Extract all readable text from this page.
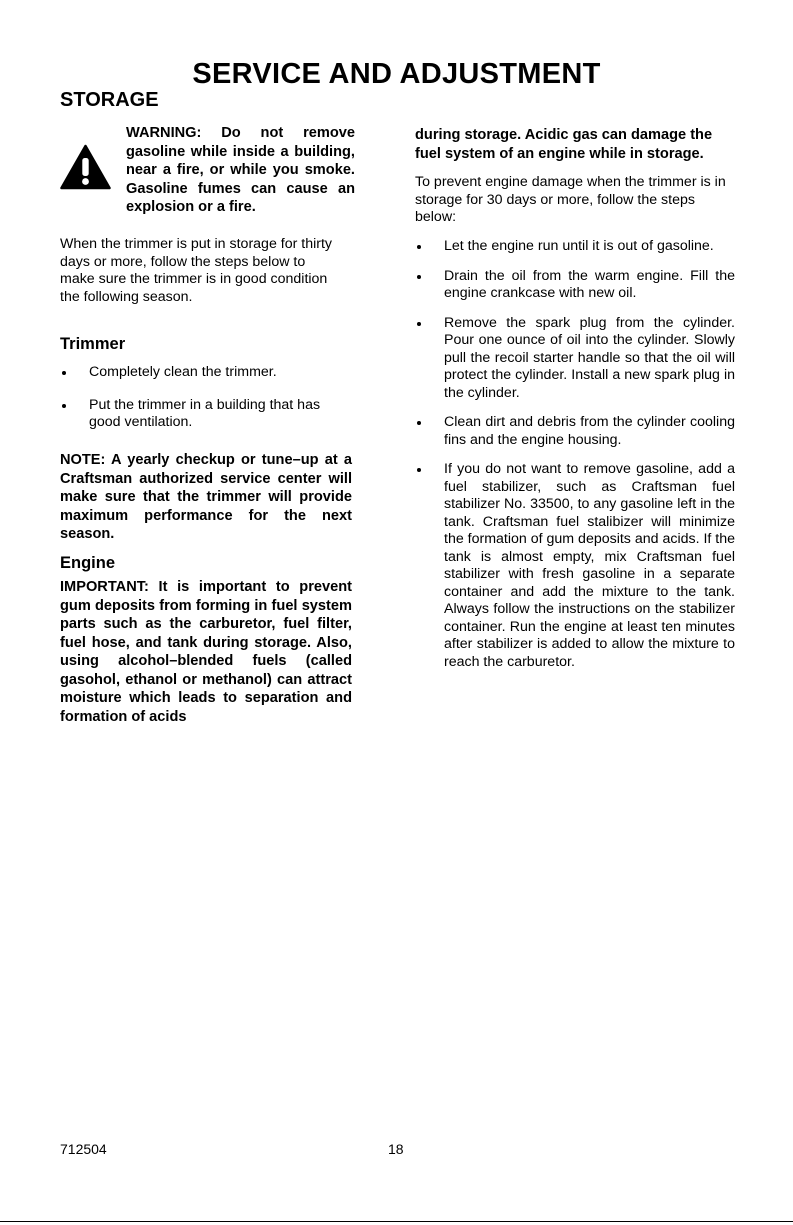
SERVICE AND ADJUSTMENT
STORAGE

WARNING: Do not remove gasoline while inside a building, near a fire, or while you smoke. Gasoline fumes can cause an explosion or a fire.

When the trimmer is put in storage for thirty days or more, follow the steps below to make sure the trimmer is in good condition the following season.

Trimmer
Completely clean the trimmer.
Put the trimmer in a building that has good ventilation.

NOTE: A yearly checkup or tune–up at a Craftsman authorized service center will make sure that the trimmer will provide maximum performance for the next season.

Engine

IMPORTANT: It is important to prevent gum deposits from forming in fuel system parts such as the carburetor, fuel filter, fuel hose, and tank during storage. Also, using alcohol–blended fuels (called gasohol, ethanol or methanol) can attract moisture which leads to separation and formation of acids

during storage. Acidic gas can damage the fuel system of an engine while in storage.

To prevent engine damage when the trimmer is in storage for 30 days or more, follow the steps below:

Let the engine run until it is out of gasoline.
Drain the oil from the warm engine. Fill the engine crankcase with new oil.
Remove the spark plug from the cylinder. Pour one ounce of oil into the cylinder. Slowly pull the recoil starter handle so that the oil will protect the cylinder. Install a new spark plug in the cylinder.
Clean dirt and debris from the cylinder cooling fins and the engine housing.
If you do not want to remove gasoline, add a fuel stabilizer, such as Craftsman fuel stabilizer No. 33500, to any gasoline left in the tank. Craftsman fuel stalibizer will minimize the formation of gum deposits and acids. If the tank is almost empty, mix Craftsman fuel stabilizer with fresh gasoline in a separate container and add the mixture to the tank. Always follow the instructions on the stabilizer container. Run the engine at least ten minutes after stabilizer is added to allow the mixture to reach the carburetor.
712504	18
